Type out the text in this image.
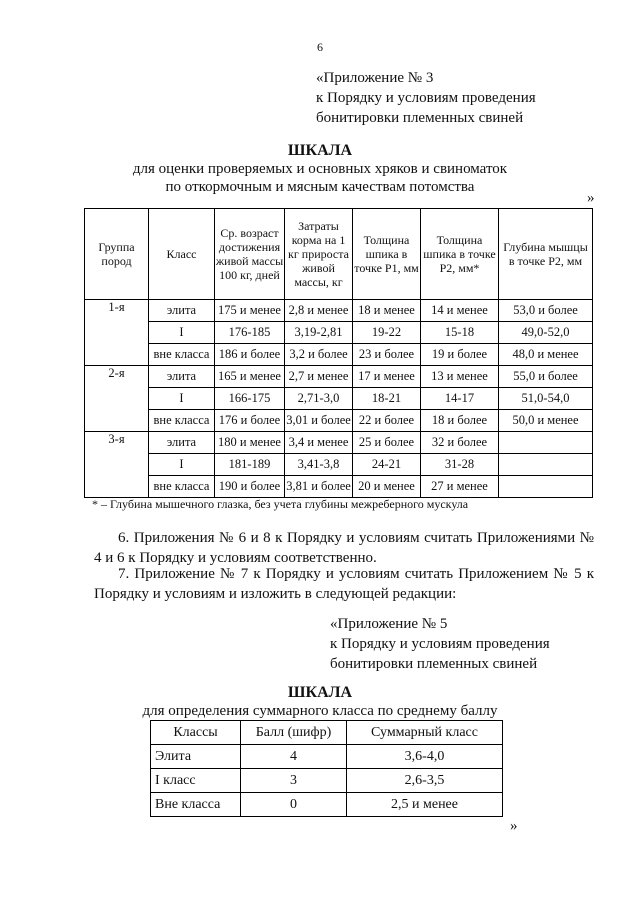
6
«Приложение № 3
к Порядку и условиям проведения
бонитировки племенных свиней
ШКАЛА
для оценки проверяемых и основных хряков и свиноматок
по откормочным и мясным качествам потомства
»
Группа пород	Класс	Ср. возраст достижения живой массы 100 кг, дней	Затраты корма на 1 кг прироста живой массы, кг	Толщина шпика в точке Р1, мм	Толщина шпика в точке Р2, мм*	Глубина мышцы в точке Р2, мм
1-я	элита	175 и менее	2,8 и менее	18 и менее	14 и менее	53,0 и более
	I	176-185	3,19-2,81	19-22	15-18	49,0-52,0
	вне класса	186 и более	3,2 и более	23 и более	19 и более	48,0 и менее
2-я	элита	165 и менее	2,7 и менее	17 и менее	13 и менее	55,0 и более
	I	166-175	2,71-3,0	18-21	14-17	51,0-54,0
	вне класса	176 и более	3,01 и более	22 и более	18 и более	50,0 и менее
3-я	элита	180 и менее	3,4 и менее	25 и более	32 и более	
	I	181-189	3,41-3,8	24-21	31-28	
	вне класса	190 и более	3,81 и более	20 и менее	27 и менее	
* – Глубина мышечного глазка, без учета глубины межреберного мускула
6. Приложения № 6 и 8 к Порядку и условиям считать Приложениями № 4 и 6 к Порядку и условиям соответственно.
7. Приложение № 7 к Порядку и условиям считать Приложением № 5 к Порядку и условиям и изложить в следующей редакции:
«Приложение № 5
к Порядку и условиям проведения
бонитировки племенных свиней
ШКАЛА
для определения суммарного класса по среднему баллу
Классы	Балл (шифр)	Суммарный класс
Элита	4	3,6-4,0
I класс	3	2,6-3,5
Вне класса	0	2,5 и менее
»
